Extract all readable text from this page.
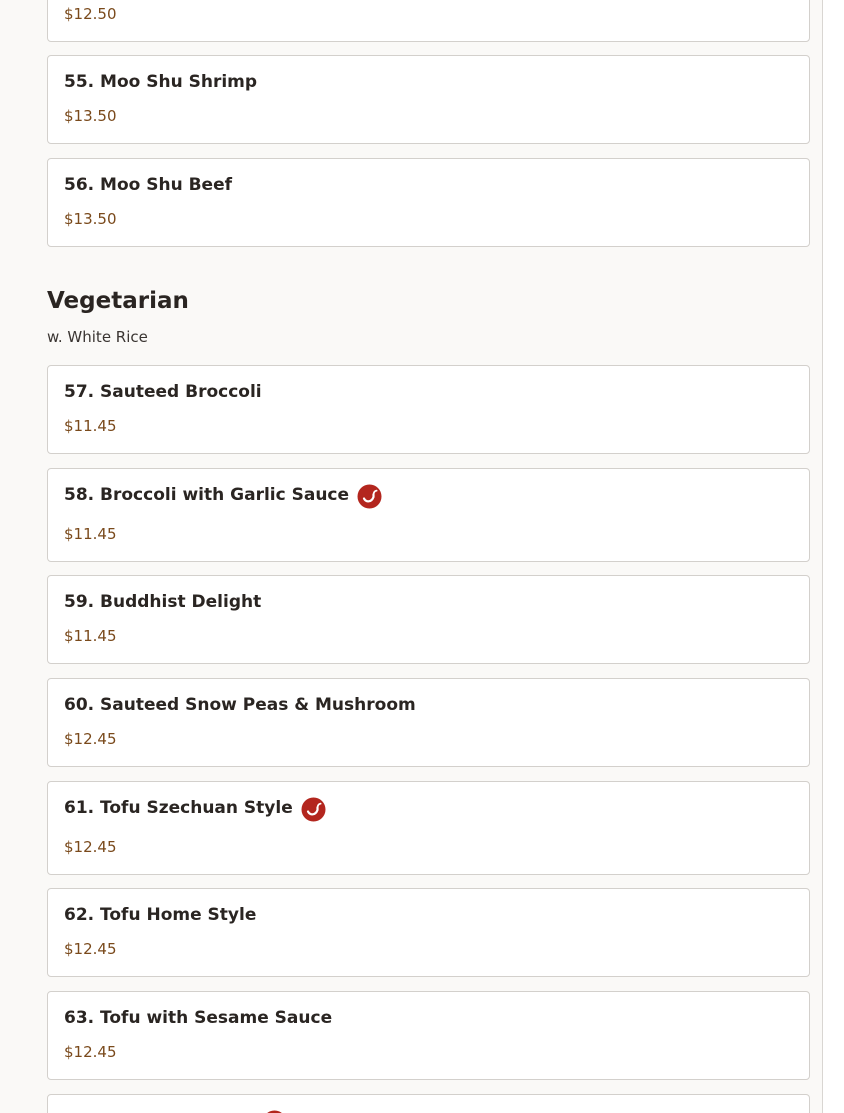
$12.50
55. Moo Shu Shrimp
$13.50
56. Moo Shu Beef
$13.50
Vegetarian
w. White Rice
57. Sauteed Broccoli
$11.45
58. Broccoli with Garlic Sauce
$11.45
59. Buddhist Delight
$11.45
60. Sauteed Snow Peas & Mushroom
$12.45
61. Tofu Szechuan Style
$12.45
62. Tofu Home Style
$12.45
63. Tofu with Sesame Sauce
$12.45
